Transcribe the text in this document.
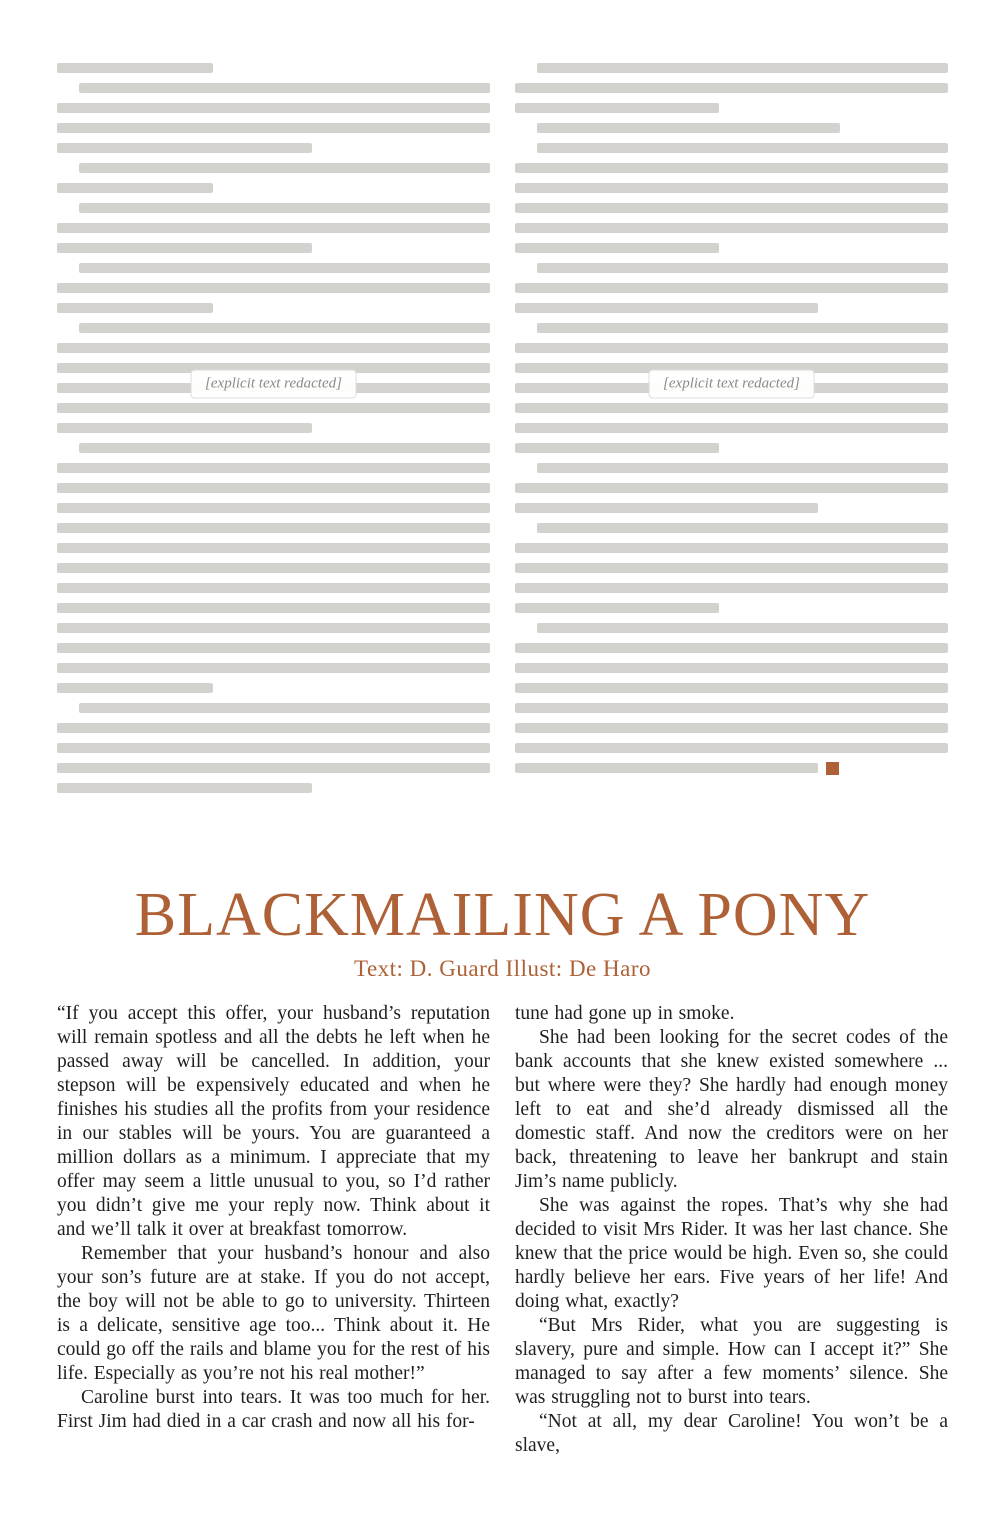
[explicit text redacted]	[explicit text redacted]
BLACKMAILING A PONY
Text: D. Guard Illust: De Haro

“If you accept this offer, your husband’s reputation will remain spotless and all the debts he left when he passed away will be cancelled. In addition, your stepson will be expensively educated and when he finishes his studies all the profits from your residence in our stables will be yours. You are guaranteed a million dollars as a minimum. I appreciate that my offer may seem a little unusual to you, so I’d rather you didn’t give me your reply now. Think about it and we’ll talk it over at breakfast tomorrow.

Remember that your husband’s honour and also your son’s future are at stake. If you do not accept, the boy will not be able to go to university. Thirteen is a delicate, sensitive age too... Think about it. He could go off the rails and blame you for the rest of his life. Especially as you’re not his real mother!”

Caroline burst into tears. It was too much for her. First Jim had died in a car crash and now all his for-

tune had gone up in smoke.

She had been looking for the secret codes of the bank accounts that she knew existed somewhere ... but where were they? She hardly had enough money left to eat and she’d already dismissed all the domestic staff. And now the creditors were on her back, threatening to leave her bankrupt and stain Jim’s name publicly.

She was against the ropes. That’s why she had decided to visit Mrs Rider. It was her last chance. She knew that the price would be high. Even so, she could hardly believe her ears. Five years of her life! And doing what, exactly?

“But Mrs Rider, what you are suggesting is slavery, pure and simple. How can I accept it?” She managed to say after a few moments’ silence. She was struggling not to burst into tears.

“Not at all, my dear Caroline! You won’t be a slave,
